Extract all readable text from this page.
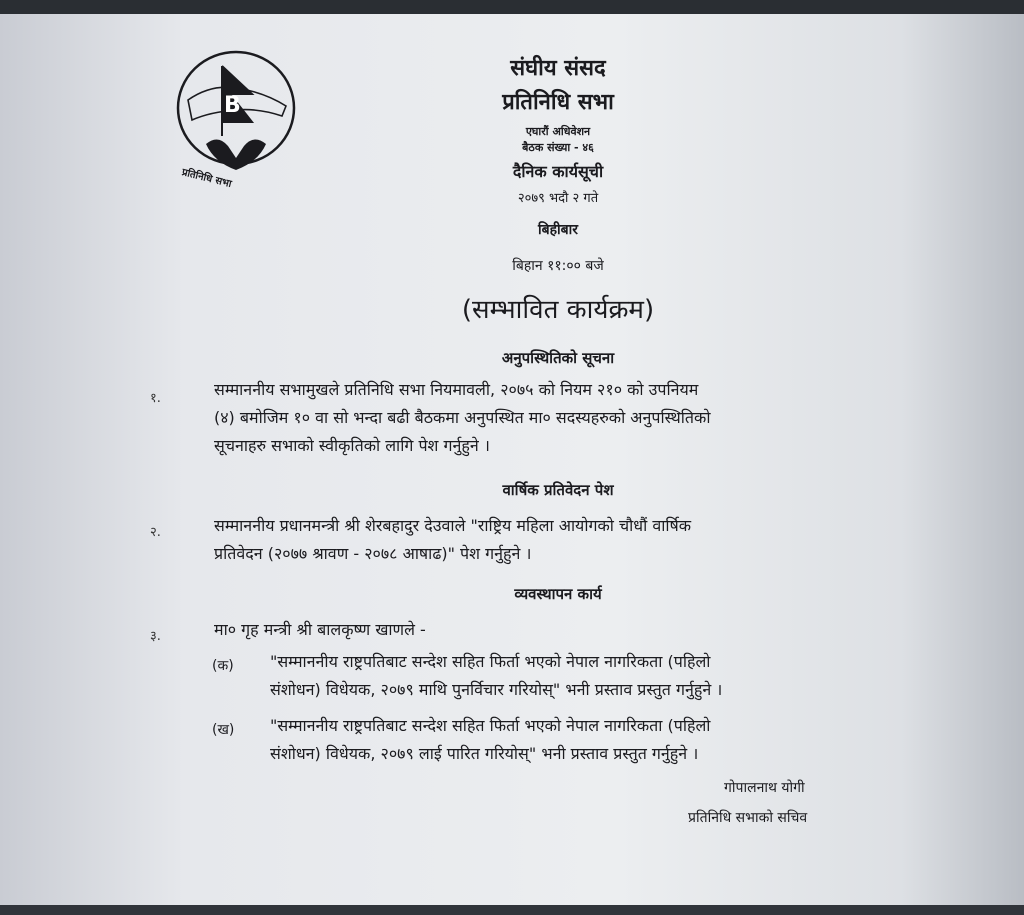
B
प्रतिनिधि सभा
संघीय संसद
प्रतिनिधि सभा
एघारौं अधिवेशन
बैठक संख्या - ४६
दैनिक कार्यसूची
२०७९ भदौ २ गते
बिहीबार
बिहान ११:०० बजे
(सम्भावित कार्यक्रम)
अनुपस्थितिको सूचना
१.	सम्माननीय सभामुखले प्रतिनिधि सभा नियमावली, २०७५ को नियम २१० को उपनियम
(४) बमोजिम १० वा सो भन्दा बढी बैठकमा अनुपस्थित मा० सदस्यहरुको अनुपस्थितिको
सूचनाहरु सभाको स्वीकृतिको लागि पेश गर्नुहुने ।
वार्षिक प्रतिवेदन पेश
२.	सम्माननीय प्रधानमन्त्री श्री शेरबहादुर देउवाले "राष्ट्रिय महिला आयोगको चौधौं वार्षिक
प्रतिवेदन (२०७७ श्रावण - २०७८ आषाढ)" पेश गर्नुहुने ।
व्यवस्थापन कार्य
३.	मा० गृह मन्त्री श्री बालकृष्ण खाणले -
(क) "सम्माननीय राष्ट्रपतिबाट सन्देश सहित फिर्ता भएको नेपाल नागरिकता (पहिलो
संशोधन) विधेयक, २०७९ माथि पुनर्विचार गरियोस्" भनी प्रस्ताव प्रस्तुत गर्नुहुने ।
(ख) "सम्माननीय राष्ट्रपतिबाट सन्देश सहित फिर्ता भएको नेपाल नागरिकता (पहिलो
संशोधन) विधेयक, २०७९ लाई पारित गरियोस्" भनी प्रस्ताव प्रस्तुत गर्नुहुने ।
गोपालनाथ योगी
प्रतिनिधि सभाको सचिव
